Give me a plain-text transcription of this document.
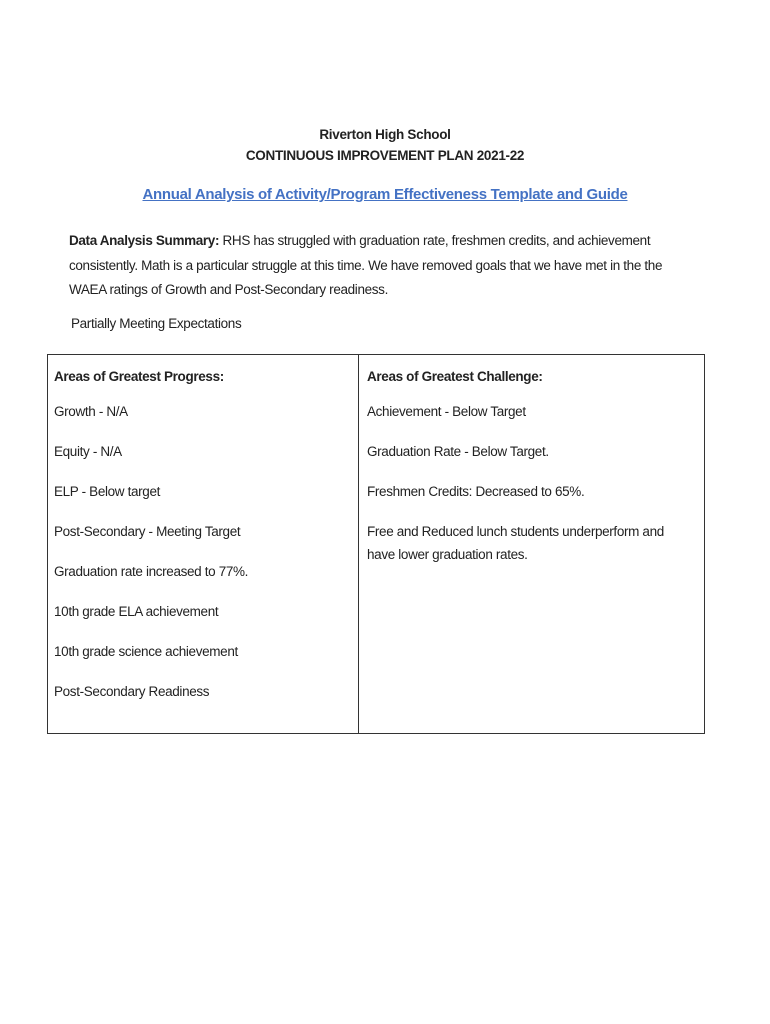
Riverton High School
CONTINUOUS IMPROVEMENT PLAN 2021-22
Annual Analysis of Activity/Program Effectiveness Template and Guide
Data Analysis Summary: RHS has struggled with graduation rate, freshmen credits, and achievement consistently. Math is a particular struggle at this time. We have removed goals that we have met in the the WAEA ratings of Growth and Post-Secondary readiness.
Partially Meeting Expectations
Areas of Greatest Progress:
Growth - N/A
Equity - N/A
ELP - Below target
Post-Secondary - Meeting Target
Graduation rate increased to 77%.
10th grade ELA achievement
10th grade science achievement
Post-Secondary Readiness
Areas of Greatest Challenge:
Achievement - Below Target
Graduation Rate - Below Target.
Freshmen Credits: Decreased to 65%.
Free and Reduced lunch students underperform and have lower graduation rates.
